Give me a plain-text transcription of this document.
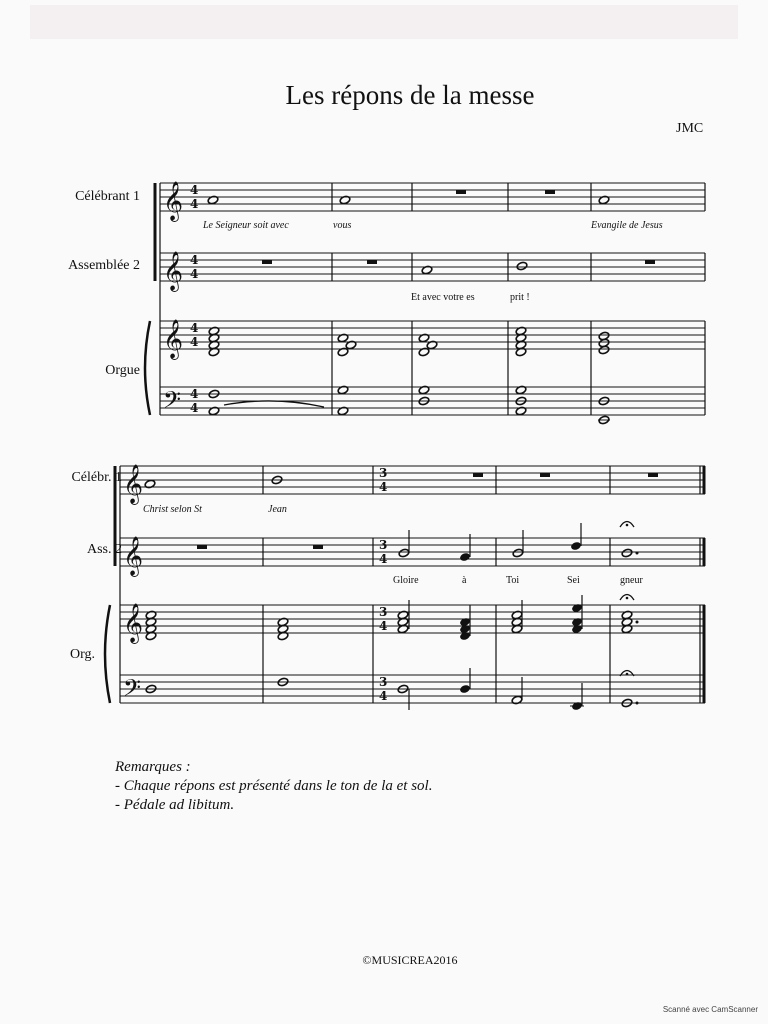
Les répons de la messe
JMC
Célébrant 1
Assemblée 2
Orgue
Le Seigneur soit avec	vous	Evangile de Jesus
Et avec votre es	prit !
Célébr. 1
Ass. 2
Org.
Christ selon St	Jean
Gloire	à	Toi	Sei	gneur
𝄞
𝄞
𝄞
𝄢
𝄞
𝄞
𝄞
𝄢
4
4
4
4
4
4
4
4
3
4
3
4
3
4
3
4
Remarques :
- Chaque répons est présenté dans le ton de la et sol.
- Pédale ad libitum.
©MUSICREA2016
Scanné avec CamScanner
